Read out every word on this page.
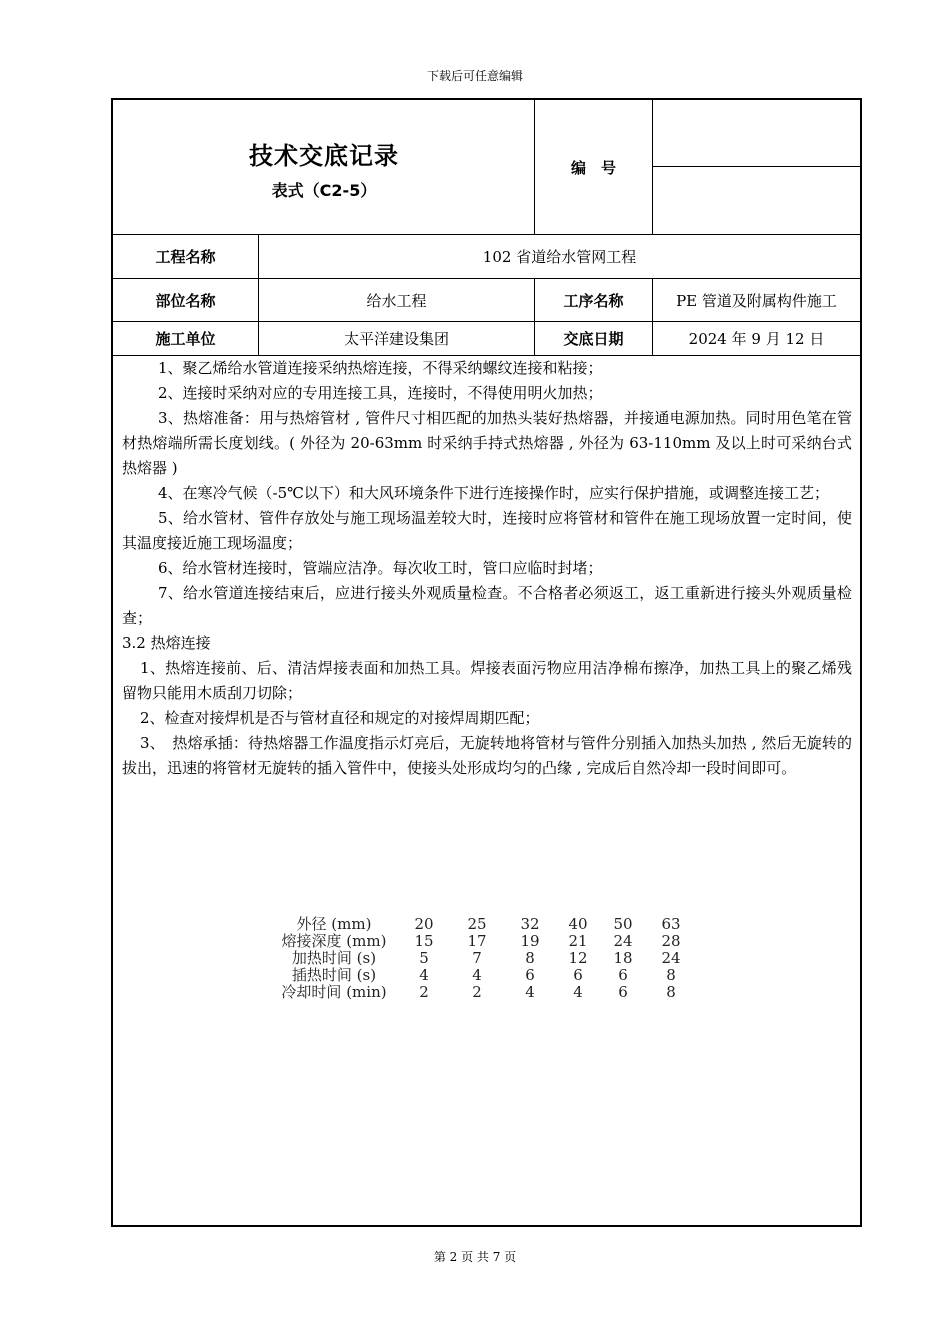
下载后可任意编辑
技术交底记录
表式（C2-5）
编　号
工程名称	102 省道给水管网工程
部位名称	给水工程	工序名称	PE 管道及附属构件施工
施工单位	太平洋建设集团	交底日期	2024 年 9 月 12 日

1、聚乙烯给水管道连接采纳热熔连接，不得采纳螺纹连接和粘接；

2、连接时采纳对应的专用连接工具，连接时，不得使用明火加热；

3、热熔准备：用与热熔管材 , 管件尺寸相匹配的加热头装好热熔器，并接通电源加热。同时用色笔在管材热熔端所需长度划线。( 外径为 20-63mm 时采纳手持式热熔器 , 外径为 63-110mm 及以上时可采纳台式热熔器 )

4、在寒冷气候（-5℃以下）和大风环境条件下进行连接操作时，应实行保护措施，或调整连接工艺；

5、给水管材、管件存放处与施工现场温差较大时，连接时应将管材和管件在施工现场放置一定时间，使其温度接近施工现场温度；

6、给水管材连接时，管端应洁净。每次收工时，管口应临时封堵；

7、给水管道连接结束后，应进行接头外观质量检查。不合格者必须返工，返工重新进行接头外观质量检查；

3.2 热熔连接

1、热熔连接前、后、清洁焊接表面和加热工具。焊接表面污物应用洁净棉布擦净，加热工具上的聚乙烯残留物只能用木质刮刀切除；

2、检查对接焊机是否与管材直径和规定的对接焊周期匹配；

3、　热熔承插：待热熔器工作温度指示灯亮后，无旋转地将管材与管件分别插入加热头加热 , 然后无旋转的拔出，迅速的将管材无旋转的插入管件中，使接头处形成均匀的凸缘 , 完成后自然冷却一段时间即可。

外径 (mm)	20	25	32	40	50	63
熔接深度 (mm)	15	17	19	21	24	28
加热时间 (s)	5	7	8	12	18	24
插热时间 (s)	4	4	6	6	6	8
冷却时间 (min)	2	2	4	4	6	8
第 2 页 共 7 页
